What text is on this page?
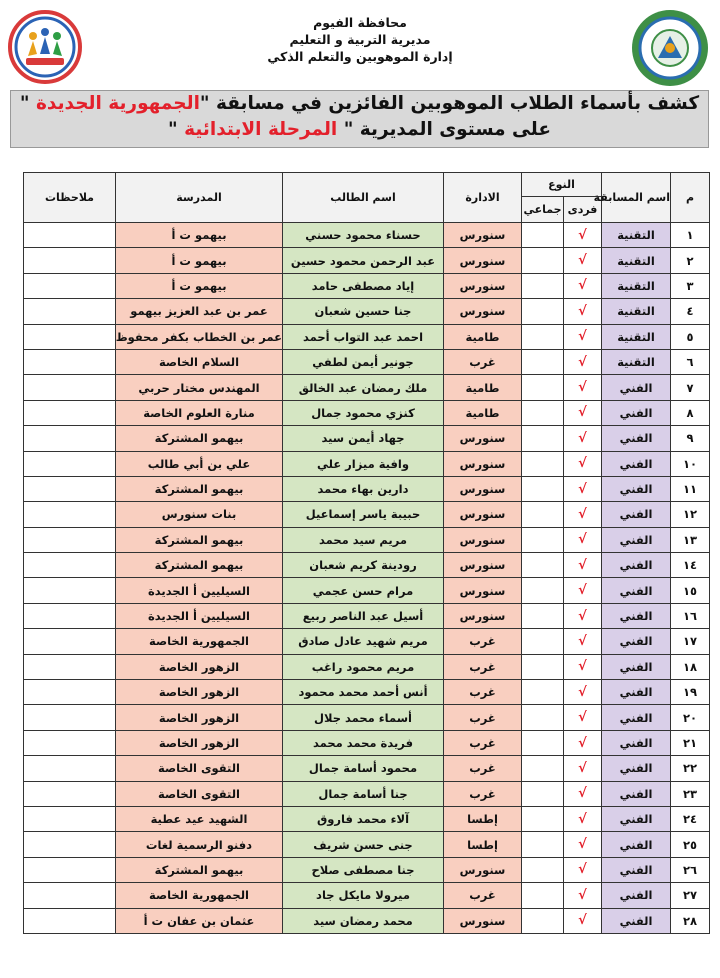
محافظة الفيوم
مديرية التربية و التعليم
إدارة الموهوبين والتعلم الذكي
كشف بأسماء الطلاب الموهوبين الفائزين في مسابقة "الجمهورية الجديدة "
على مستوى المديرية " المرحلة الابتدائية "
م	اسم المسابقة	النوع		الادارة	اسم الطالب	المدرسة	ملاحظات
		فردى	جماعي				
١	التقنية	√		سنورس	حسناء محمود حسني	بيهمو ت أ	
٢	التقنية	√		سنورس	عبد الرحمن محمود حسين	بيهمو ت أ	
٣	التقنية	√		سنورس	إياد مصطفى حامد	بيهمو ت أ	
٤	التقنية	√		سنورس	جنا حسين شعبان	عمر بن عبد العزيز بيهمو	
٥	التقنية	√		طامية	احمد عبد التواب أحمد	عمر بن الخطاب بكفر محفوظ	
٦	التقنية	√		غرب	جونير أيمن لطفي	السلام الخاصة	
٧	الفني	√		طامية	ملك رمضان عبد الخالق	المهندس مختار حربي	
٨	الفني	√		طامية	كنزي محمود جمال	منارة العلوم الخاصة	
٩	الفني	√		سنورس	جهاد أيمن سيد	بيهمو المشتركة	
١٠	الفني	√		سنورس	وافية ميزار علي	علي بن أبي طالب	
١١	الفني	√		سنورس	دارين بهاء محمد	بيهمو المشتركة	
١٢	الفني	√		سنورس	حبيبة ياسر إسماعيل	بنات سنورس	
١٣	الفني	√		سنورس	مريم سيد محمد	بيهمو المشتركة	
١٤	الفني	√		سنورس	رودينة كريم شعبان	بيهمو المشتركة	
١٥	الفني	√		سنورس	مرام حسن عجمي	السيليين أ الجديدة	
١٦	الفني	√		سنورس	أسيل عبد الناصر ربيع	السيليين أ الجديدة	
١٧	الفني	√		غرب	مريم شهيد عادل صادق	الجمهورية الخاصة	
١٨	الفني	√		غرب	مريم محمود راغب	الزهور الخاصة	
١٩	الفني	√		غرب	أنس أحمد محمد محمود	الزهور الخاصة	
٢٠	الفني	√		غرب	أسماء محمد جلال	الزهور الخاصة	
٢١	الفني	√		غرب	فريدة محمد محمد	الزهور الخاصة	
٢٢	الفني	√		غرب	محمود أسامة جمال	التقوى الخاصة	
٢٣	الفني	√		غرب	جنا أسامة جمال	التقوى الخاصة	
٢٤	الفني	√		إطسا	آلاء محمد فاروق	الشهيد عيد عطية	
٢٥	الفني	√		إطسا	جنى حسن شريف	دفنو الرسمية لغات	
٢٦	الفني	√		سنورس	جنا مصطفى صلاح	بيهمو المشتركة	
٢٧	الفني	√		غرب	ميرولا مايكل جاد	الجمهورية الخاصة	
٢٨	الفني	√		سنورس	محمد رمضان سيد	عثمان بن عفان ت أ	
